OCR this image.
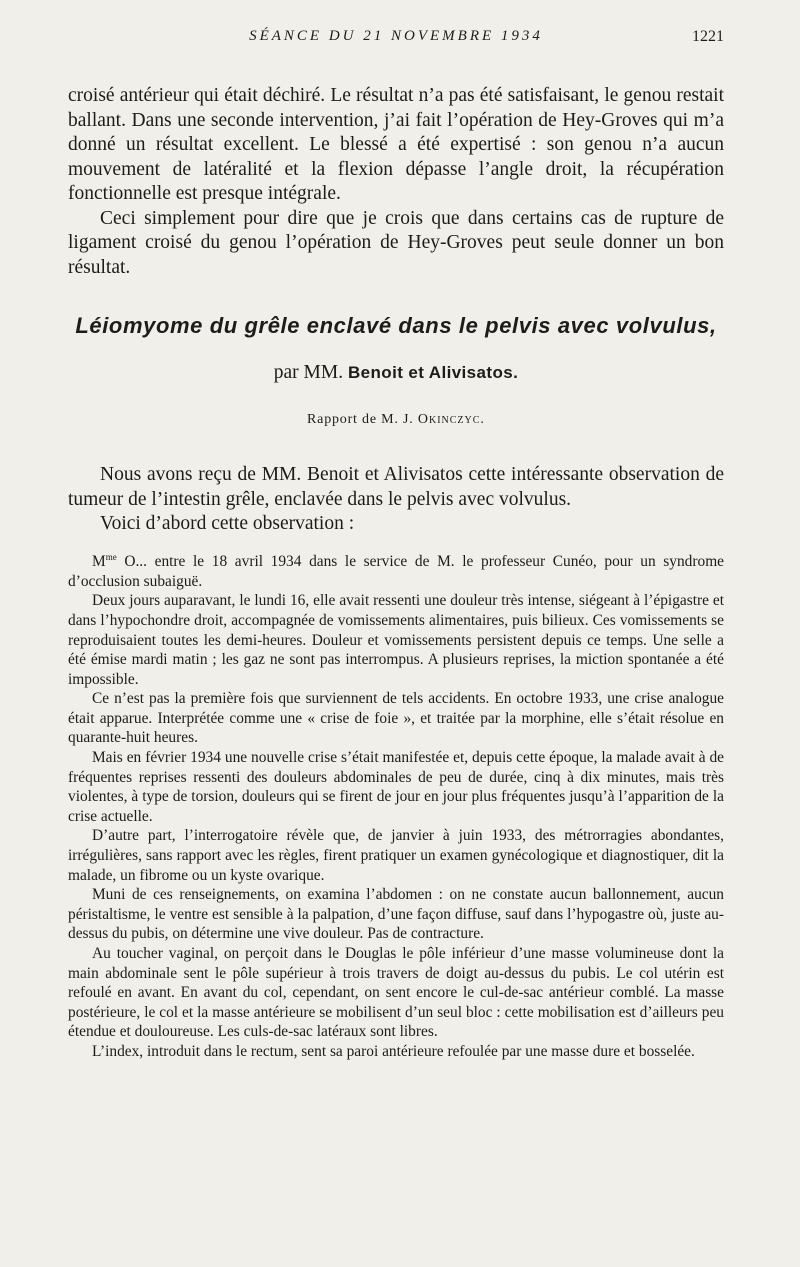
SÉANCE DU 21 NOVEMBRE 1934	1221

croisé antérieur qui était déchiré. Le résultat n’a pas été satisfaisant, le genou restait ballant. Dans une seconde intervention, j’ai fait l’opération de Hey-Groves qui m’a donné un résultat excellent. Le blessé a été expertisé : son genou n’a aucun mouvement de latéralité et la flexion dépasse l’angle droit, la récupération fonctionnelle est presque intégrale.

Ceci simplement pour dire que je crois que dans certains cas de rupture de ligament croisé du genou l’opération de Hey-Groves peut seule donner un bon résultat.

Léiomyome du grêle enclavé dans le pelvis avec volvulus,
par MM. Benoit et Alivisatos.
Rapport de M. J. Okinczyc.

Nous avons reçu de MM. Benoit et Alivisatos cette intéressante observation de tumeur de l’intestin grêle, enclavée dans le pelvis avec volvulus.

Voici d’abord cette observation :

$M^{me}$ O... entre le 18 avril 1934 dans le service de M. le professeur Cunéo, pour un syndrome d’occlusion subaiguë.

Deux jours auparavant, le lundi 16, elle avait ressenti une douleur très intense, siégeant à l’épigastre et dans l’hypochondre droit, accompagnée de vomissements alimentaires, puis bilieux. Ces vomissements se reproduisaient toutes les demi-heures. Douleur et vomissements persistent depuis ce temps. Une selle a été émise mardi matin ; les gaz ne sont pas interrompus. A plusieurs reprises, la miction spontanée a été impossible.

Ce n’est pas la première fois que surviennent de tels accidents. En octobre 1933, une crise analogue était apparue. Interprétée comme une « crise de foie », et traitée par la morphine, elle s’était résolue en quarante-huit heures.

Mais en février 1934 une nouvelle crise s’était manifestée et, depuis cette époque, la malade avait à de fréquentes reprises ressenti des douleurs abdominales de peu de durée, cinq à dix minutes, mais très violentes, à type de torsion, douleurs qui se firent de jour en jour plus fréquentes jusqu’à l’apparition de la crise actuelle.

D’autre part, l’interrogatoire révèle que, de janvier à juin 1933, des métrorragies abondantes, irrégulières, sans rapport avec les règles, firent pratiquer un examen gynécologique et diagnostiquer, dit la malade, un fibrome ou un kyste ovarique.

Muni de ces renseignements, on examina l’abdomen : on ne constate aucun ballonnement, aucun péristaltisme, le ventre est sensible à la palpation, d’une façon diffuse, sauf dans l’hypogastre où, juste au-dessus du pubis, on détermine une vive douleur. Pas de contracture.

Au toucher vaginal, on perçoit dans le Douglas le pôle inférieur d’une masse volumineuse dont la main abdominale sent le pôle supérieur à trois travers de doigt au-dessus du pubis. Le col utérin est refoulé en avant. En avant du col, cependant, on sent encore le cul-de-sac antérieur comblé. La masse postérieure, le col et la masse antérieure se mobilisent d’un seul bloc : cette mobilisation est d’ailleurs peu étendue et douloureuse. Les culs-de-sac latéraux sont libres.

L’index, introduit dans le rectum, sent sa paroi antérieure refoulée par une masse dure et bosselée.
